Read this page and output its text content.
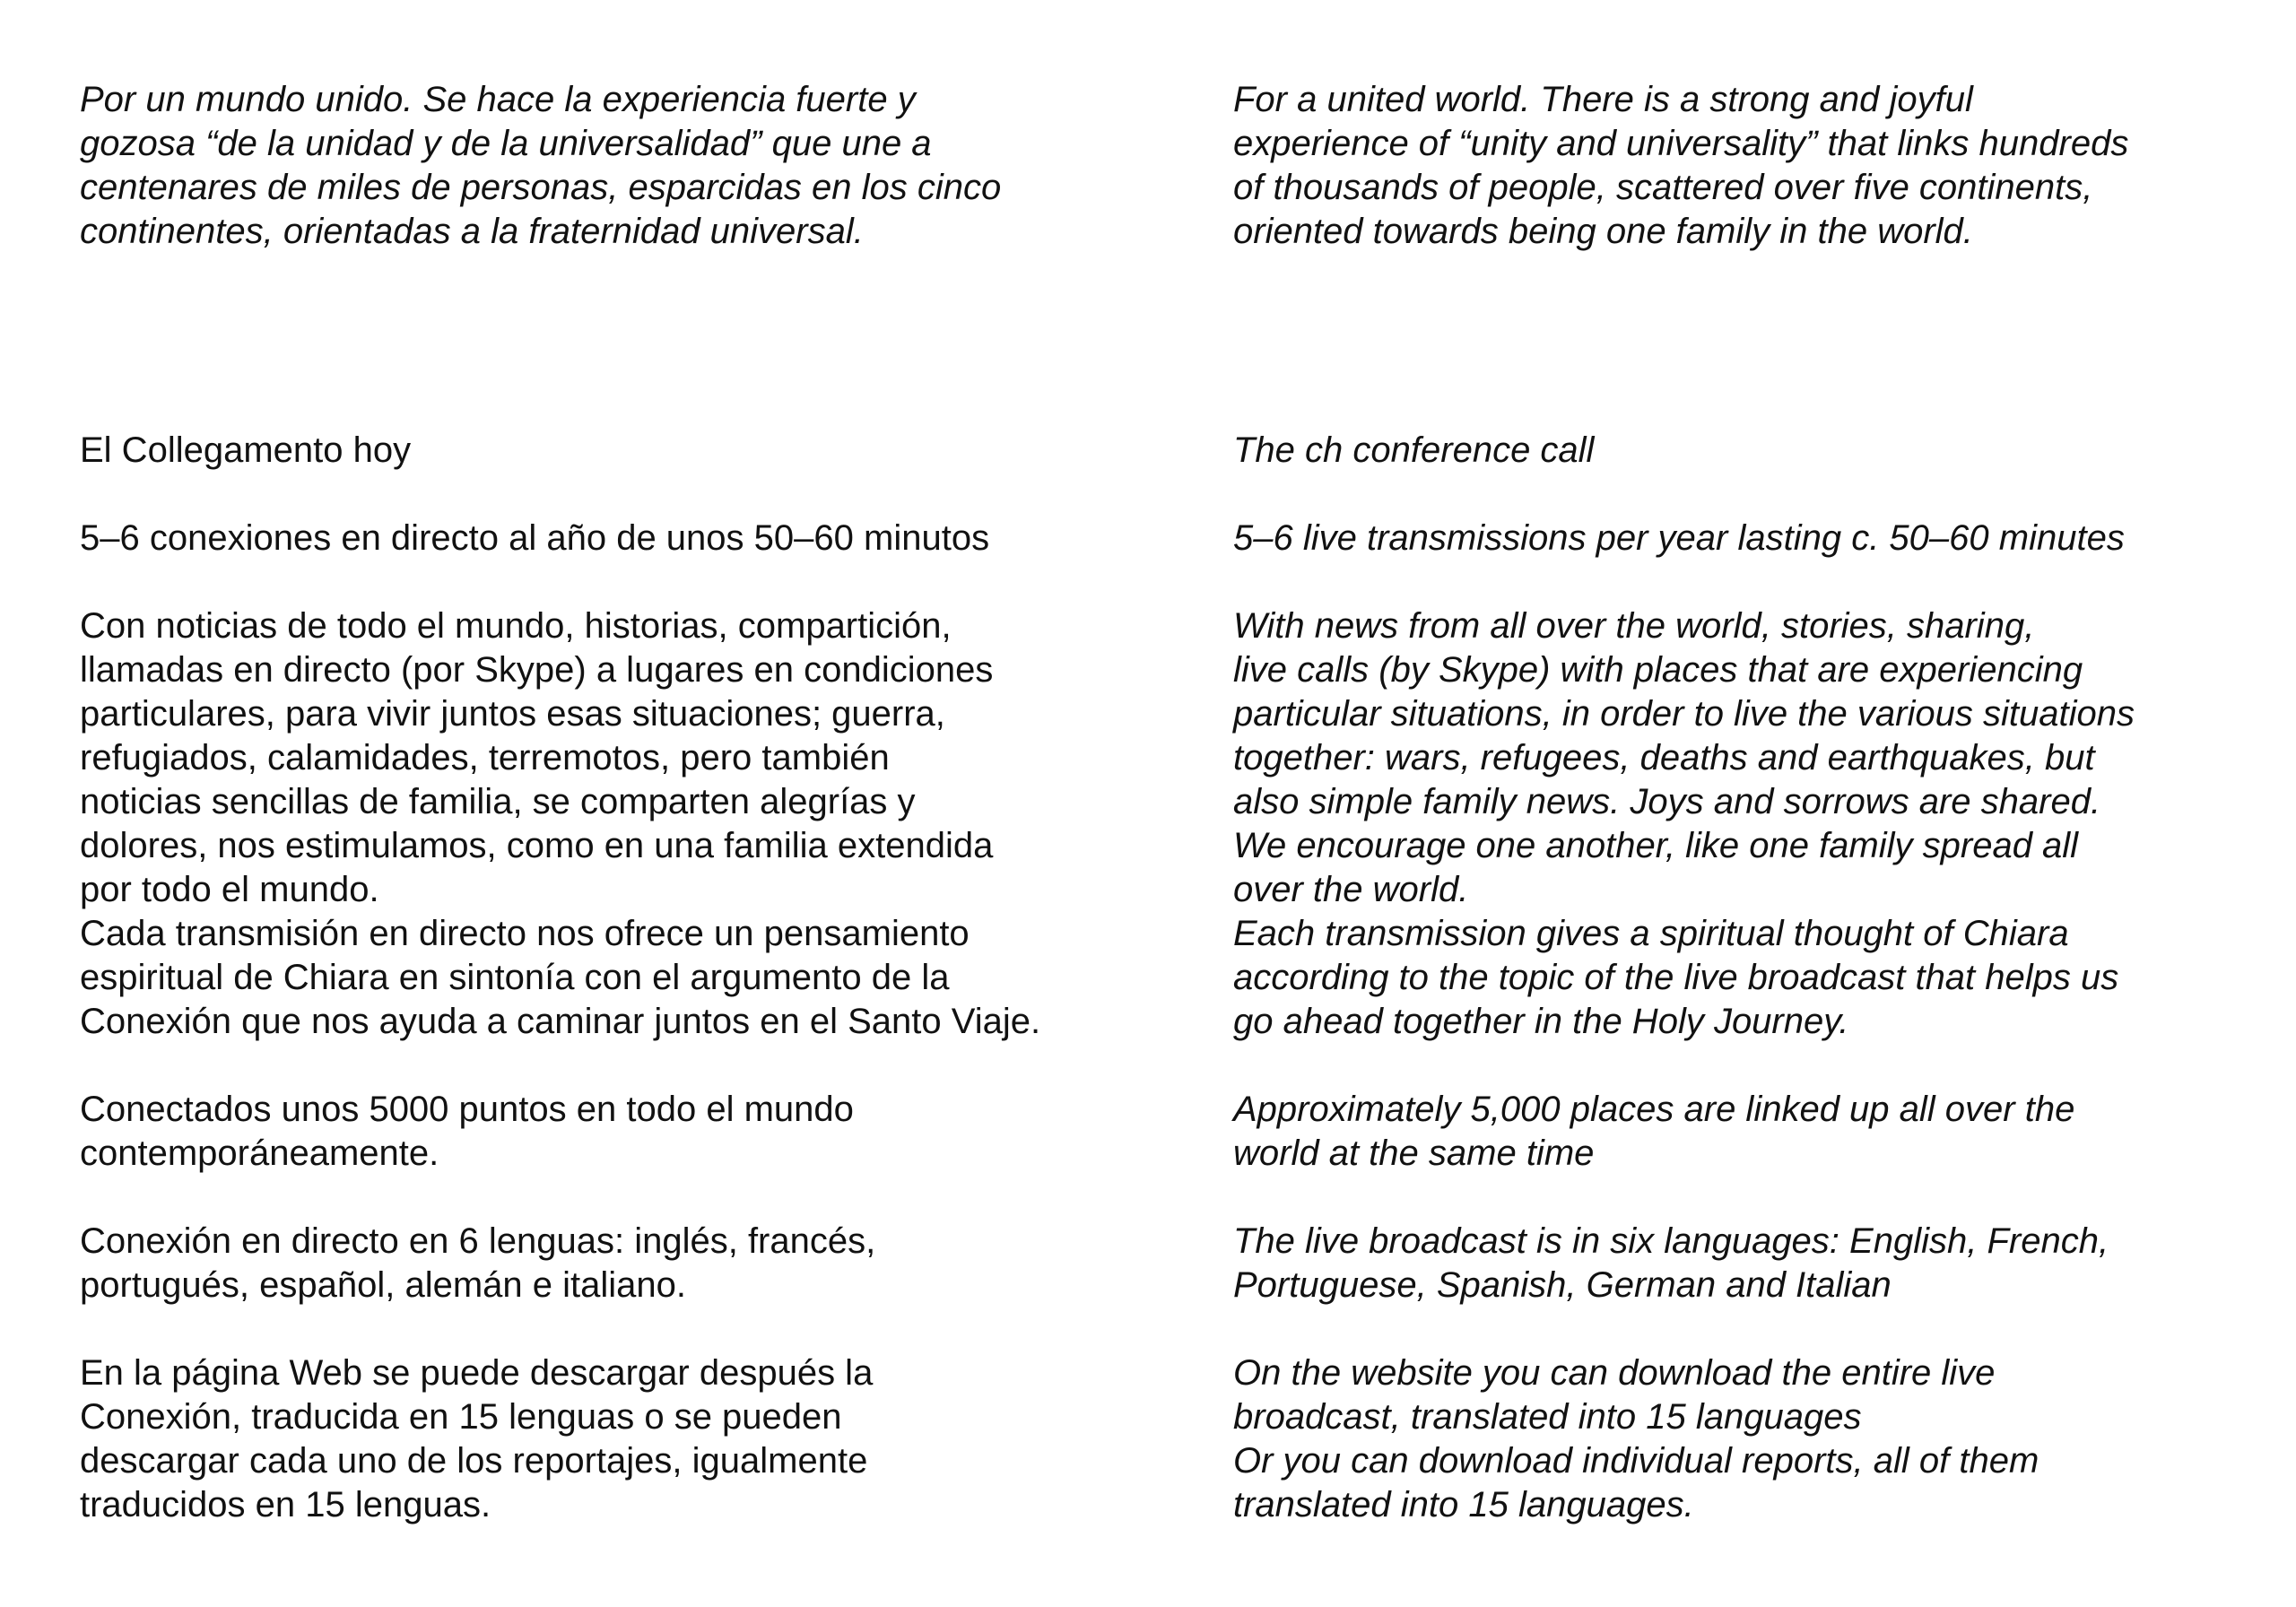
Por un mundo unido. Se hace la experiencia fuerte y
gozosa “de la unidad y de la universalidad” que une a
centenares de miles de personas, esparcidas en los cinco
continentes, orientadas a la fraternidad universal.

El Collegamento hoy

5–6 conexiones en directo al año de unos 50–60 minutos

Con noticias de todo el mundo, historias, compartición,
llamadas en directo (por Skype) a lugares en condiciones
particulares, para vivir juntos esas situaciones; guerra,
refugiados, calamidades, terremotos, pero también
noticias sencillas de familia, se comparten alegrías y
dolores, nos estimulamos, como en una familia extendida
por todo el mundo.
Cada transmisión en directo nos ofrece un pensamiento
espiritual de Chiara en sintonía con el argumento de la
Conexión que nos ayuda a caminar juntos en el Santo Viaje.

Conectados unos 5000 puntos en todo el mundo
contemporáneamente.

Conexión en directo en 6 lenguas: inglés, francés,
portugués, español, alemán e italiano.

En la página Web se puede descargar después la
Conexión, traducida en 15 lenguas o se pueden
descargar cada uno de los reportajes, igualmente
traducidos en 15 lenguas.

For a united world. There is a strong and joyful
experience of “unity and universality” that links hundreds
of thousands of people, scattered over five continents,
oriented towards being one family in the world.

The ch conference call

5–6 live transmissions per year lasting c. 50–60 minutes

With news from all over the world, stories, sharing,
live calls (by Skype) with places that are experiencing
particular situations, in order to live the various situations
together: wars, refugees, deaths and earthquakes, but
also simple family news. Joys and sorrows are shared.
We encourage one another, like one family spread all
over the world.
Each transmission gives a spiritual thought of Chiara
according to the topic of the live broadcast that helps us
go ahead together in the Holy Journey.

Approximately 5,000 places are linked up all over the
world at the same time

The live broadcast is in six languages: English, French,
Portuguese, Spanish, German and Italian

On the website you can download the entire live
broadcast, translated into 15 languages
Or you can download individual reports, all of them
translated into 15 languages.
